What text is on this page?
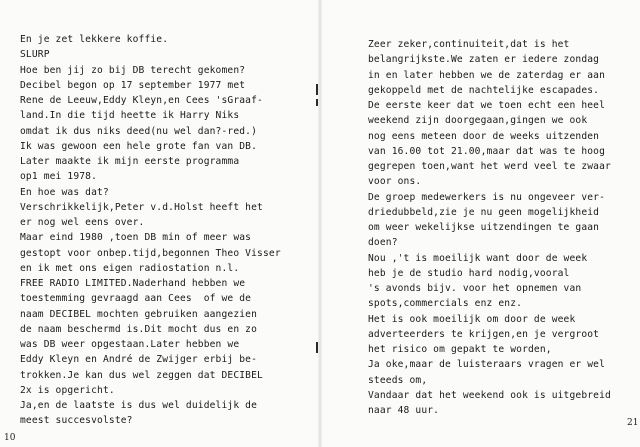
En je zet lekkere koffie.
SLURP
Hoe ben jij zo bij DB terecht gekomen?
Decibel begon op 17 september 1977 met
Rene de Leeuw,Eddy Kleyn,en Cees 'sGraaf-
land.In die tijd heette ik Harry Niks
omdat ik dus niks deed(nu wel dan?-red.)
Ik was gewoon een hele grote fan van DB.
Later maakte ik mijn eerste programma
op1 mei 1978.
En hoe was dat?
Verschrikkelijk,Peter v.d.Holst heeft het
er nog wel eens over.
Maar eind 1980 ,toen DB min of meer was
gestopt voor onbep.tijd,begonnen Theo Visser
en ik met ons eigen radiostation n.l.
FREE RADIO LIMITED.Naderhand hebben we
toestemming gevraagd aan Cees  of we de
naam DECIBEL mochten gebruiken aangezien
de naam beschermd is.Dit mocht dus en zo
was DB weer opgestaan.Later hebben we
Eddy Kleyn en André de Zwijger erbij be-
trokken.Je kan dus wel zeggen dat DECIBEL
2x is opgericht.
Ja,en de laatste is dus wel duidelijk de
meest succesvolste?
10
Zeer zeker,continuiteit,dat is het
belangrijkste.We zaten er iedere zondag
in en later hebben we de zaterdag er aan
gekoppeld met de nachtelijke escapades.
De eerste keer dat we toen echt een heel
weekend zijn doorgegaan,gingen we ook
nog eens meteen door de weeks uitzenden
van 16.00 tot 21.00,maar dat was te hoog
gegrepen toen,want het werd veel te zwaar
voor ons.
De groep medewerkers is nu ongeveer ver-
driedubbeld,zie je nu geen mogelijkheid
om weer wekelijkse uitzendingen te gaan
doen?
Nou ,'t is moeilijk want door de week
heb je de studio hard nodig,vooral
's avonds bijv. voor het opnemen van
spots,commercials enz enz.
Het is ook moeilijk om door de week
adverteerders te krijgen,en je vergroot
het risico om gepakt te worden,
Ja oke,maar de luisteraars vragen er wel
steeds om,
Vandaar dat het weekend ook is uitgebreid
naar 48 uur.
21
